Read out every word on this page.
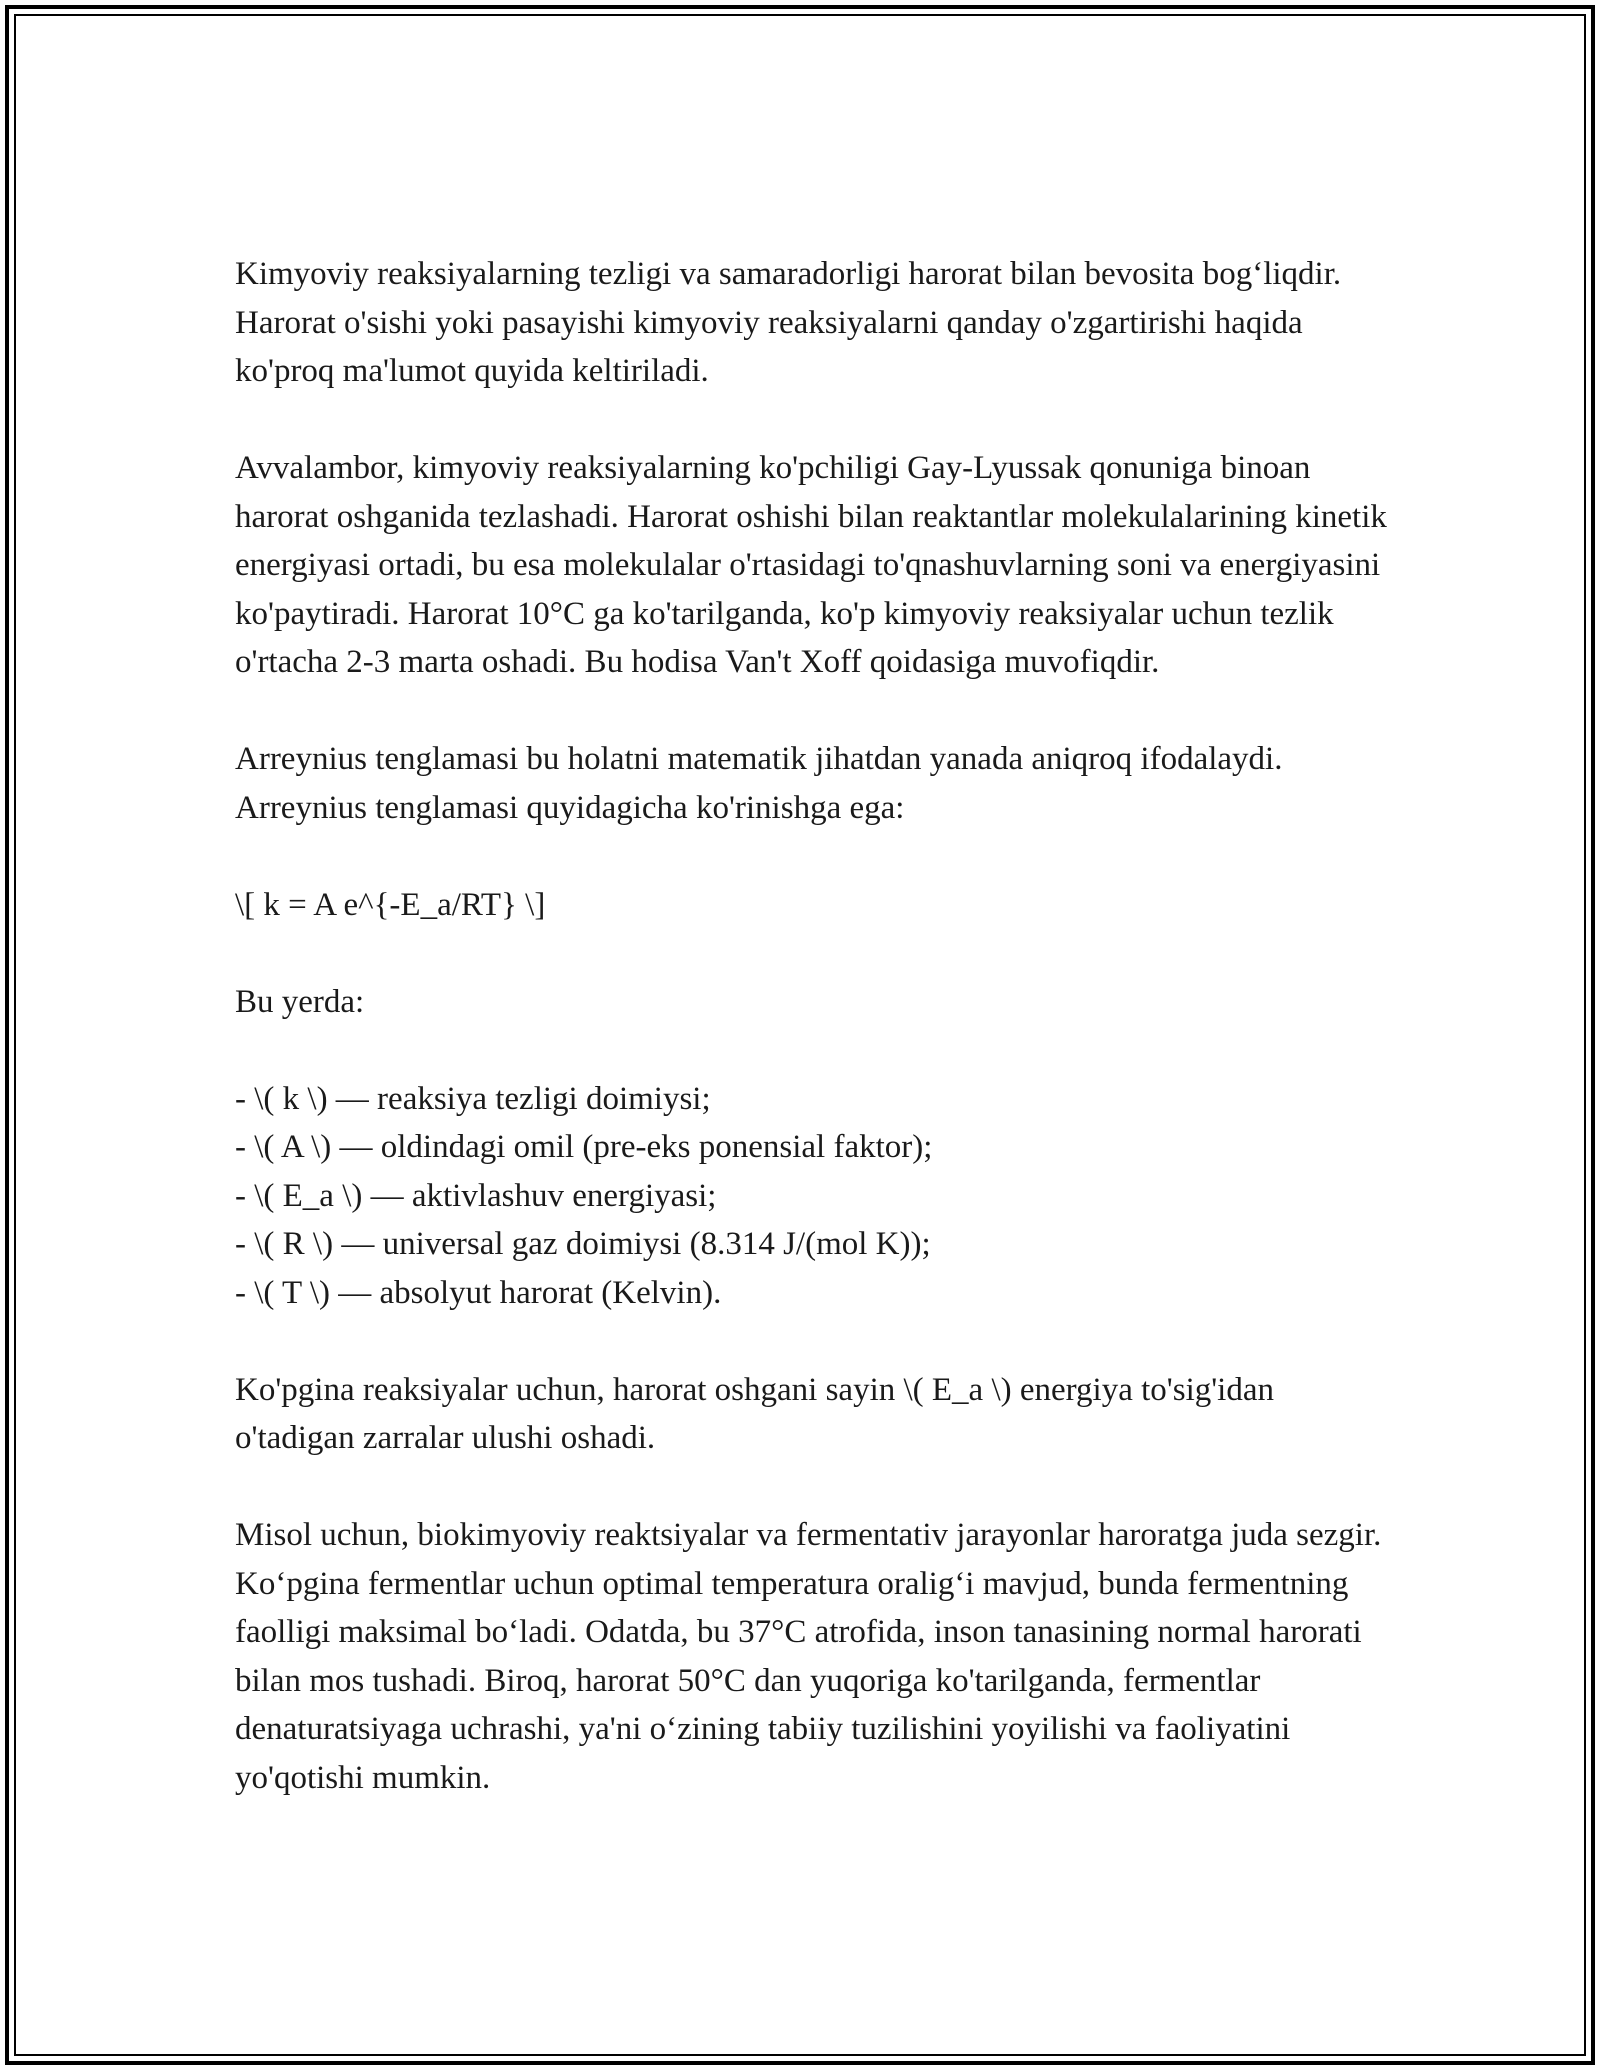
Kimyoviy reaksiyalarning tezligi va samaradorligi harorat bilan bevosita bog‘liqdir. Harorat o'sishi yoki pasayishi kimyoviy reaksiyalarni qanday o'zgartirishi haqida ko'proq ma'lumot quyida keltiriladi.

Avvalambor, kimyoviy reaksiyalarning ko'pchiligi Gay-Lyussak qonuniga binoan harorat oshganida tezlashadi. Harorat oshishi bilan reaktantlar molekulalarining kinetik energiyasi ortadi, bu esa molekulalar o'rtasidagi to'qnashuvlarning soni va energiyasini ko'paytiradi. Harorat 10°C ga ko'tarilganda, ko'p kimyoviy reaksiyalar uchun tezlik o'rtacha 2-3 marta oshadi. Bu hodisa Van't Xoff qoidasiga muvofiqdir.

Arreynius tenglamasi bu holatni matematik jihatdan yanada aniqroq ifodalaydi. Arreynius tenglamasi quyidagicha ko'rinishga ega:

\[ k = A e^{-E_a/RT} \]

Bu yerda:

- \( k \) — reaksiya tezligi doimiysi;
- \( A \) — oldindagi omil (pre-eks ponensial faktor);
- \( E_a \) — aktivlashuv energiyasi;
- \( R \) — universal gaz doimiysi (8.314 J/(mol K));
- \( T \) — absolyut harorat (Kelvin).

Ko'pgina reaksiyalar uchun, harorat oshgani sayin \( E_a \) energiya to'sig'idan o'tadigan zarralar ulushi oshadi.

Misol uchun, biokimyoviy reaktsiyalar va fermentativ jarayonlar haroratga juda sezgir. Ko‘pgina fermentlar uchun optimal temperatura oralig‘i mavjud, bunda fermentning faolligi maksimal bo‘ladi. Odatda, bu 37°C atrofida, inson tanasining normal harorati bilan mos tushadi. Biroq, harorat 50°C dan yuqoriga ko'tarilganda, fermentlar denaturatsiyaga uchrashi, ya'ni o‘zining tabiiy tuzilishini yoyilishi va faoliyatini yo'qotishi mumkin.
